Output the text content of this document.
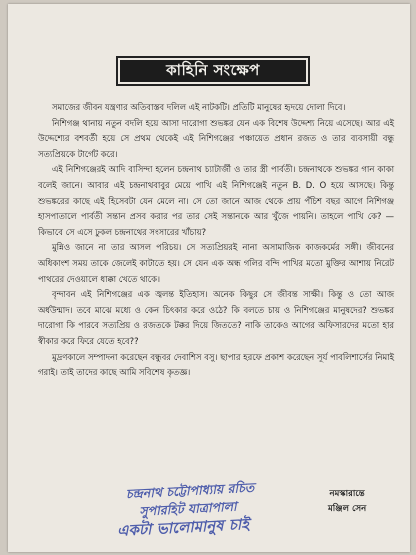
কাহিনি সংক্ষেপ

সমাজের জীবন যন্ত্রণার অতিবাস্তব দলিল এই নাটকটি। প্রতিটি মানুষের হৃদয়ে দোলা দিবে।

নিশিগঞ্জ থানায় নতুন বদলি হয়ে আসা দারোগা শুভঙ্কর যেন এক বিশেষ উদ্দেশ্য নিয়ে এসেছে। আর এই উদ্দেশ্যের বশবর্তী হয়ে সে প্রথম থেকেই এই নিশিগঞ্জের পঞ্চায়েত প্রধান রজত ও তার ব্যবসায়ী বন্ধু সত্যপ্রিয়কে টার্গেট করে।

এই নিশিগঞ্জেরই আদি বাসিন্দা হলেন চন্দ্রনাথ চ্যাটার্জী ও তার স্ত্রী পার্বতী। চন্দ্রনাথকে শুভঙ্কর গান কাকা বলেই জানে। আবার এই চন্দ্রনাথবাবুর মেয়ে পাখি এই নিশিগঞ্জেই নতুন B. D. O হয়ে আসছে। কিন্তু শুভঙ্করের কাছে এই হিসেবটা যেন মেলে না। সে তো জানে আজ থেকে প্রায় পঁচিশ বছর আগে নিশিগঞ্জ হাসপাতালে পার্বতী সন্তান প্রসব করার পর তার সেই সন্তানকে আর খুঁজে পায়নি। তাহলে পাখি কে? — কিভাবে সে এসে ঢুকল চন্দ্রনাথের সংসারের খাঁচায়?

মুন্নিও জানে না তার আসল পরিচয়। সে সত্যপ্রিয়রই নানা অসামাজিক কাজকর্মের সঙ্গী। জীবনের অধিকাংশ সময় তাকে জেলেই কাটাতে হয়। সে যেন এক অন্ধ গলির বন্দি পাখির মতো মুক্তির আশায় নিরেট পাথরের দেওয়ালে ধাক্কা খেতে থাকে।

বৃন্দাবন এই নিশিগঞ্জের এক জ্বলন্ত ইতিহাস। অনেক কিছুর সে জীবন্ত সাক্ষী। কিন্তু ও তো আজ অর্ধউন্মাদ। তবে মাঝে মধ্যে ও কেন চিৎকার করে ওঠে? কি বলতে চায় ও নিশিগঞ্জের মানুষদের? শুভঙ্কর দারোগা কি পারবে সত্যপ্রিয় ও রজতকে টক্কর দিয়ে জিততে? নাকি তাকেও আগের অফিসারদের মতো হার স্বীকার করে ফিরে যেতে হবে??

মুদ্রণকালে সম্পাদনা করেছেন বন্ধুবর দেবাশিস বসু। ছাপার হরফে প্রকাশ করেছেন সূর্য পাবলিশার্সের নিমাই গরাই। তাই তাদের কাছে আমি সবিশেষ কৃতজ্ঞ।

চন্দ্রনাথ চট্টোপাধ্যায় রচিত
সুপারহিট যাত্রাপালা
একটা ভালোমানুষ চাই
নমস্কারান্তে
মঞ্জিল সেন
